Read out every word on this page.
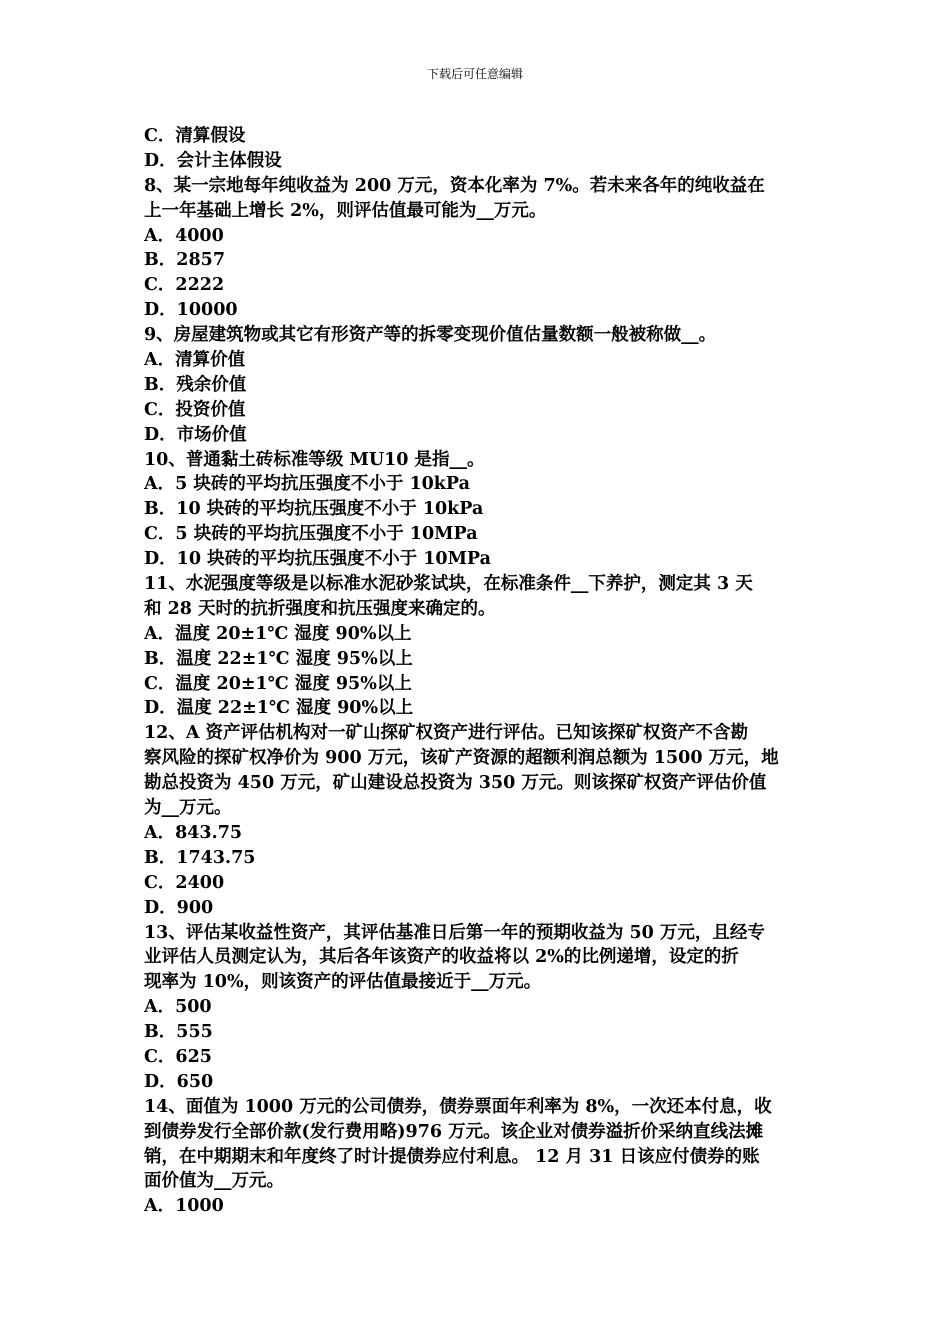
下载后可任意编辑
C．清算假设
D．会计主体假设
8、某一宗地每年纯收益为 200 万元，资本化率为 7%。若未来各年的纯收益在
上一年基础上增长 2%，则评估值最可能为__万元。
A．4000
B．2857
C．2222
D．10000
9、房屋建筑物或其它有形资产等的拆零变现价值估量数额一般被称做__。
A．清算价值
B．残余价值
C．投资价值
D．市场价值
10、普通黏土砖标准等级 MU10 是指__。
A．5 块砖的平均抗压强度不小于 10kPa
B．10 块砖的平均抗压强度不小于 10kPa
C．5 块砖的平均抗压强度不小于 10MPa
D．10 块砖的平均抗压强度不小于 10MPa
11、水泥强度等级是以标准水泥砂浆试块，在标准条件__下养护，测定其 3 天
和 28 天时的抗折强度和抗压强度来确定的。
A．温度 20±1℃ 湿度 90%以上
B．温度 22±1℃ 湿度 95%以上
C．温度 20±1℃ 湿度 95%以上
D．温度 22±1℃ 湿度 90%以上
12、A 资产评估机构对一矿山探矿权资产进行评估。已知该探矿权资产不含勘
察风险的探矿权净价为 900 万元，该矿产资源的超额利润总额为 1500 万元，地
勘总投资为 450 万元，矿山建设总投资为 350 万元。则该探矿权资产评估价值
为__万元。
A．843.75
B．1743.75
C．2400
D．900
13、评估某收益性资产，其评估基准日后第一年的预期收益为 50 万元，且经专
业评估人员测定认为，其后各年该资产的收益将以 2%的比例递增，设定的折
现率为 10%，则该资产的评估值最接近于__万元。
A．500
B．555
C．625
D．650
14、面值为 1000 万元的公司债券，债券票面年利率为 8%，一次还本付息，收
到债券发行全部价款(发行费用略)976 万元。该企业对债券溢折价采纳直线法摊
销，在中期期末和年度终了时计提债券应付利息。 12 月 31 日该应付债券的账
面价值为__万元。
A．1000
